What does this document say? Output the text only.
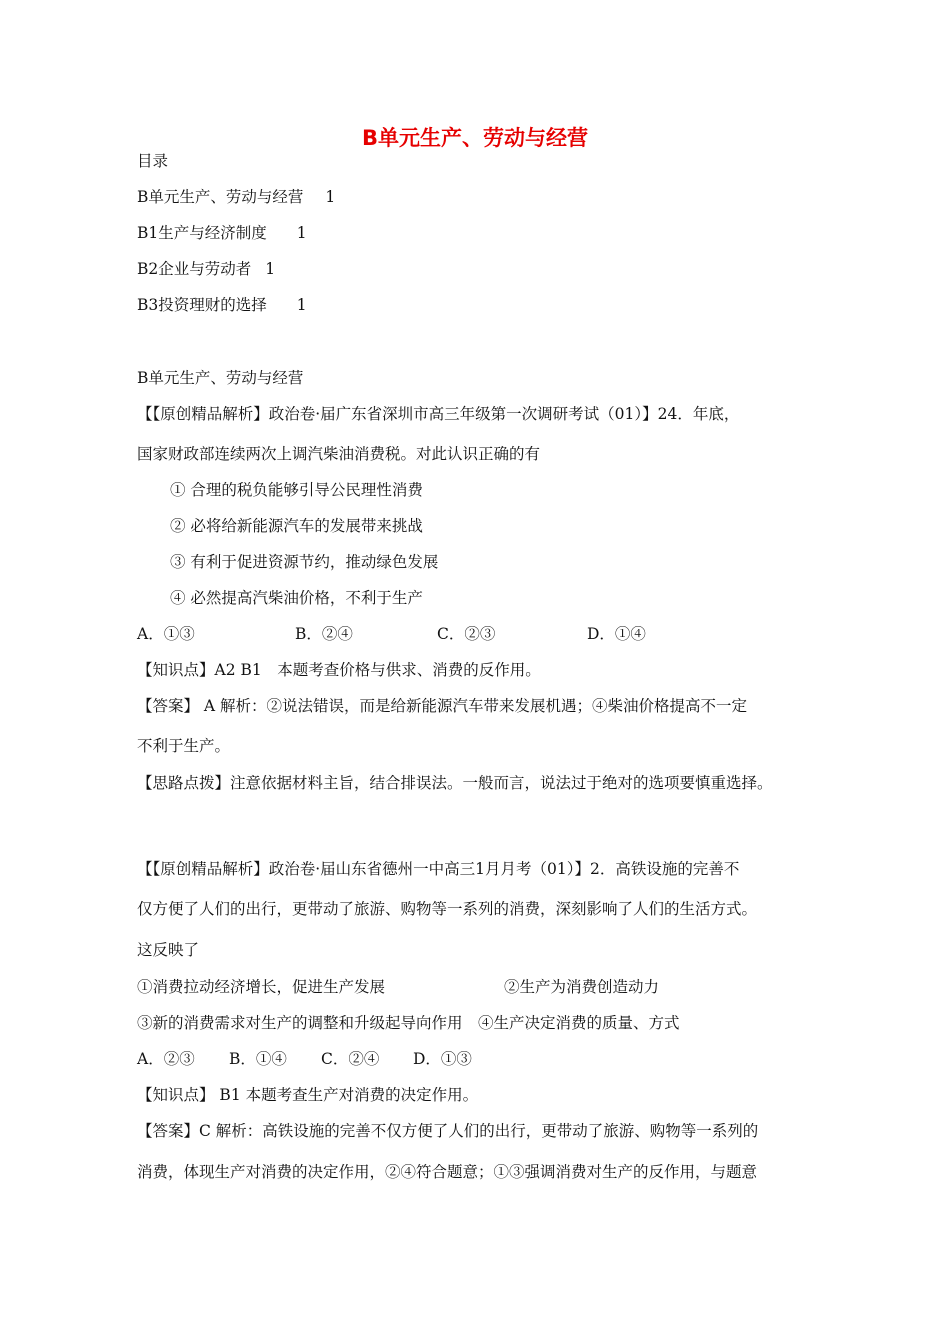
B单元生产、劳动与经营

目录

B单元生产、劳动与经营 1

B1生产与经济制度 1

B2企业与劳动者 1

B3投资理财的选择 1

B单元生产、劳动与经营

【【原创精品解析】政治卷·届广东省深圳市高三年级第一次调研考试（01）】24．年底，

国家财政部连续两次上调汽柴油消费税。对此认识正确的有

① 合理的税负能够引导公民理性消费

② 必将给新能源汽车的发展带来挑战

③ 有利于促进资源节约，推动绿色发展

④ 必然提高汽柴油价格，不利于生产

A．①③	B．②④	C．②③	D．①④

【知识点】A2 B1　本题考查价格与供求、消费的反作用。

【答案】 A 解析：②说法错误，而是给新能源汽车带来发展机遇；④柴油价格提高不一定

不利于生产。

【思路点拨】注意依据材料主旨，结合排误法。一般而言，说法过于绝对的选项要慎重选择。

【【原创精品解析】政治卷·届山东省德州一中高三1月月考（01）】2．高铁设施的完善不

仅方便了人们的出行，更带动了旅游、购物等一系列的消费，深刻影响了人们的生活方式。

这反映了

①消费拉动经济增长，促进生产发展	②生产为消费创造动力

③新的消费需求对生产的调整和升级起导向作用　④生产决定消费的质量、方式

A．②③ B．①④ C．②④ D．①③

【知识点】 B1 本题考查生产对消费的决定作用。

【答案】C 解析：高铁设施的完善不仅方便了人们的出行，更带动了旅游、购物等一系列的

消费，体现生产对消费的决定作用，②④符合题意；①③强调消费对生产的反作用，与题意
